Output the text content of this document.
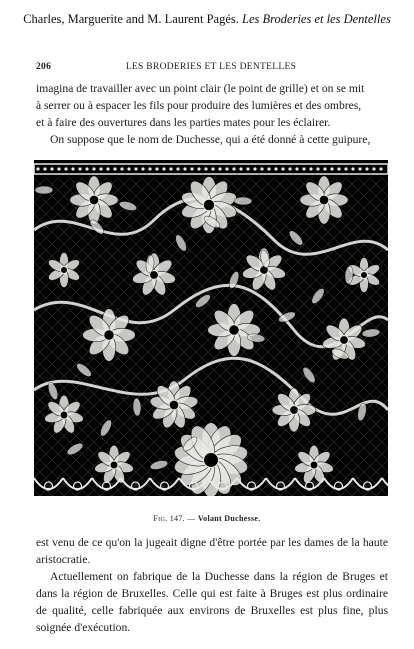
Charles, Marguerite and M. Laurent Pagés. Les Broderies et les Dentelles
206	LES BRODERIES ET LES DENTELLES
imagina de travailler avec un point clair (le point de grille) et on se mit
à serrer ou à espacer les fils pour produire des lumières et des ombres,
et à faire des ouvertures dans les parties mates pour les éclairer.
On suppose que le nom de Duchesse, qui a été donné à cette guipure,
Fig. 147. — Volant Duchesse.
est venu de ce qu'on la jugeait digne d'être portée par les dames de la haute aristocratie.
Actuellement on fabrique de la Duchesse dans la région de Bruges et dans la région de Bruxelles. Celle qui est faite à Bruges est plus ordinaire de qualité, celle fabriquée aux environs de Bruxelles est plus fine, plus soignée d'exécution.
